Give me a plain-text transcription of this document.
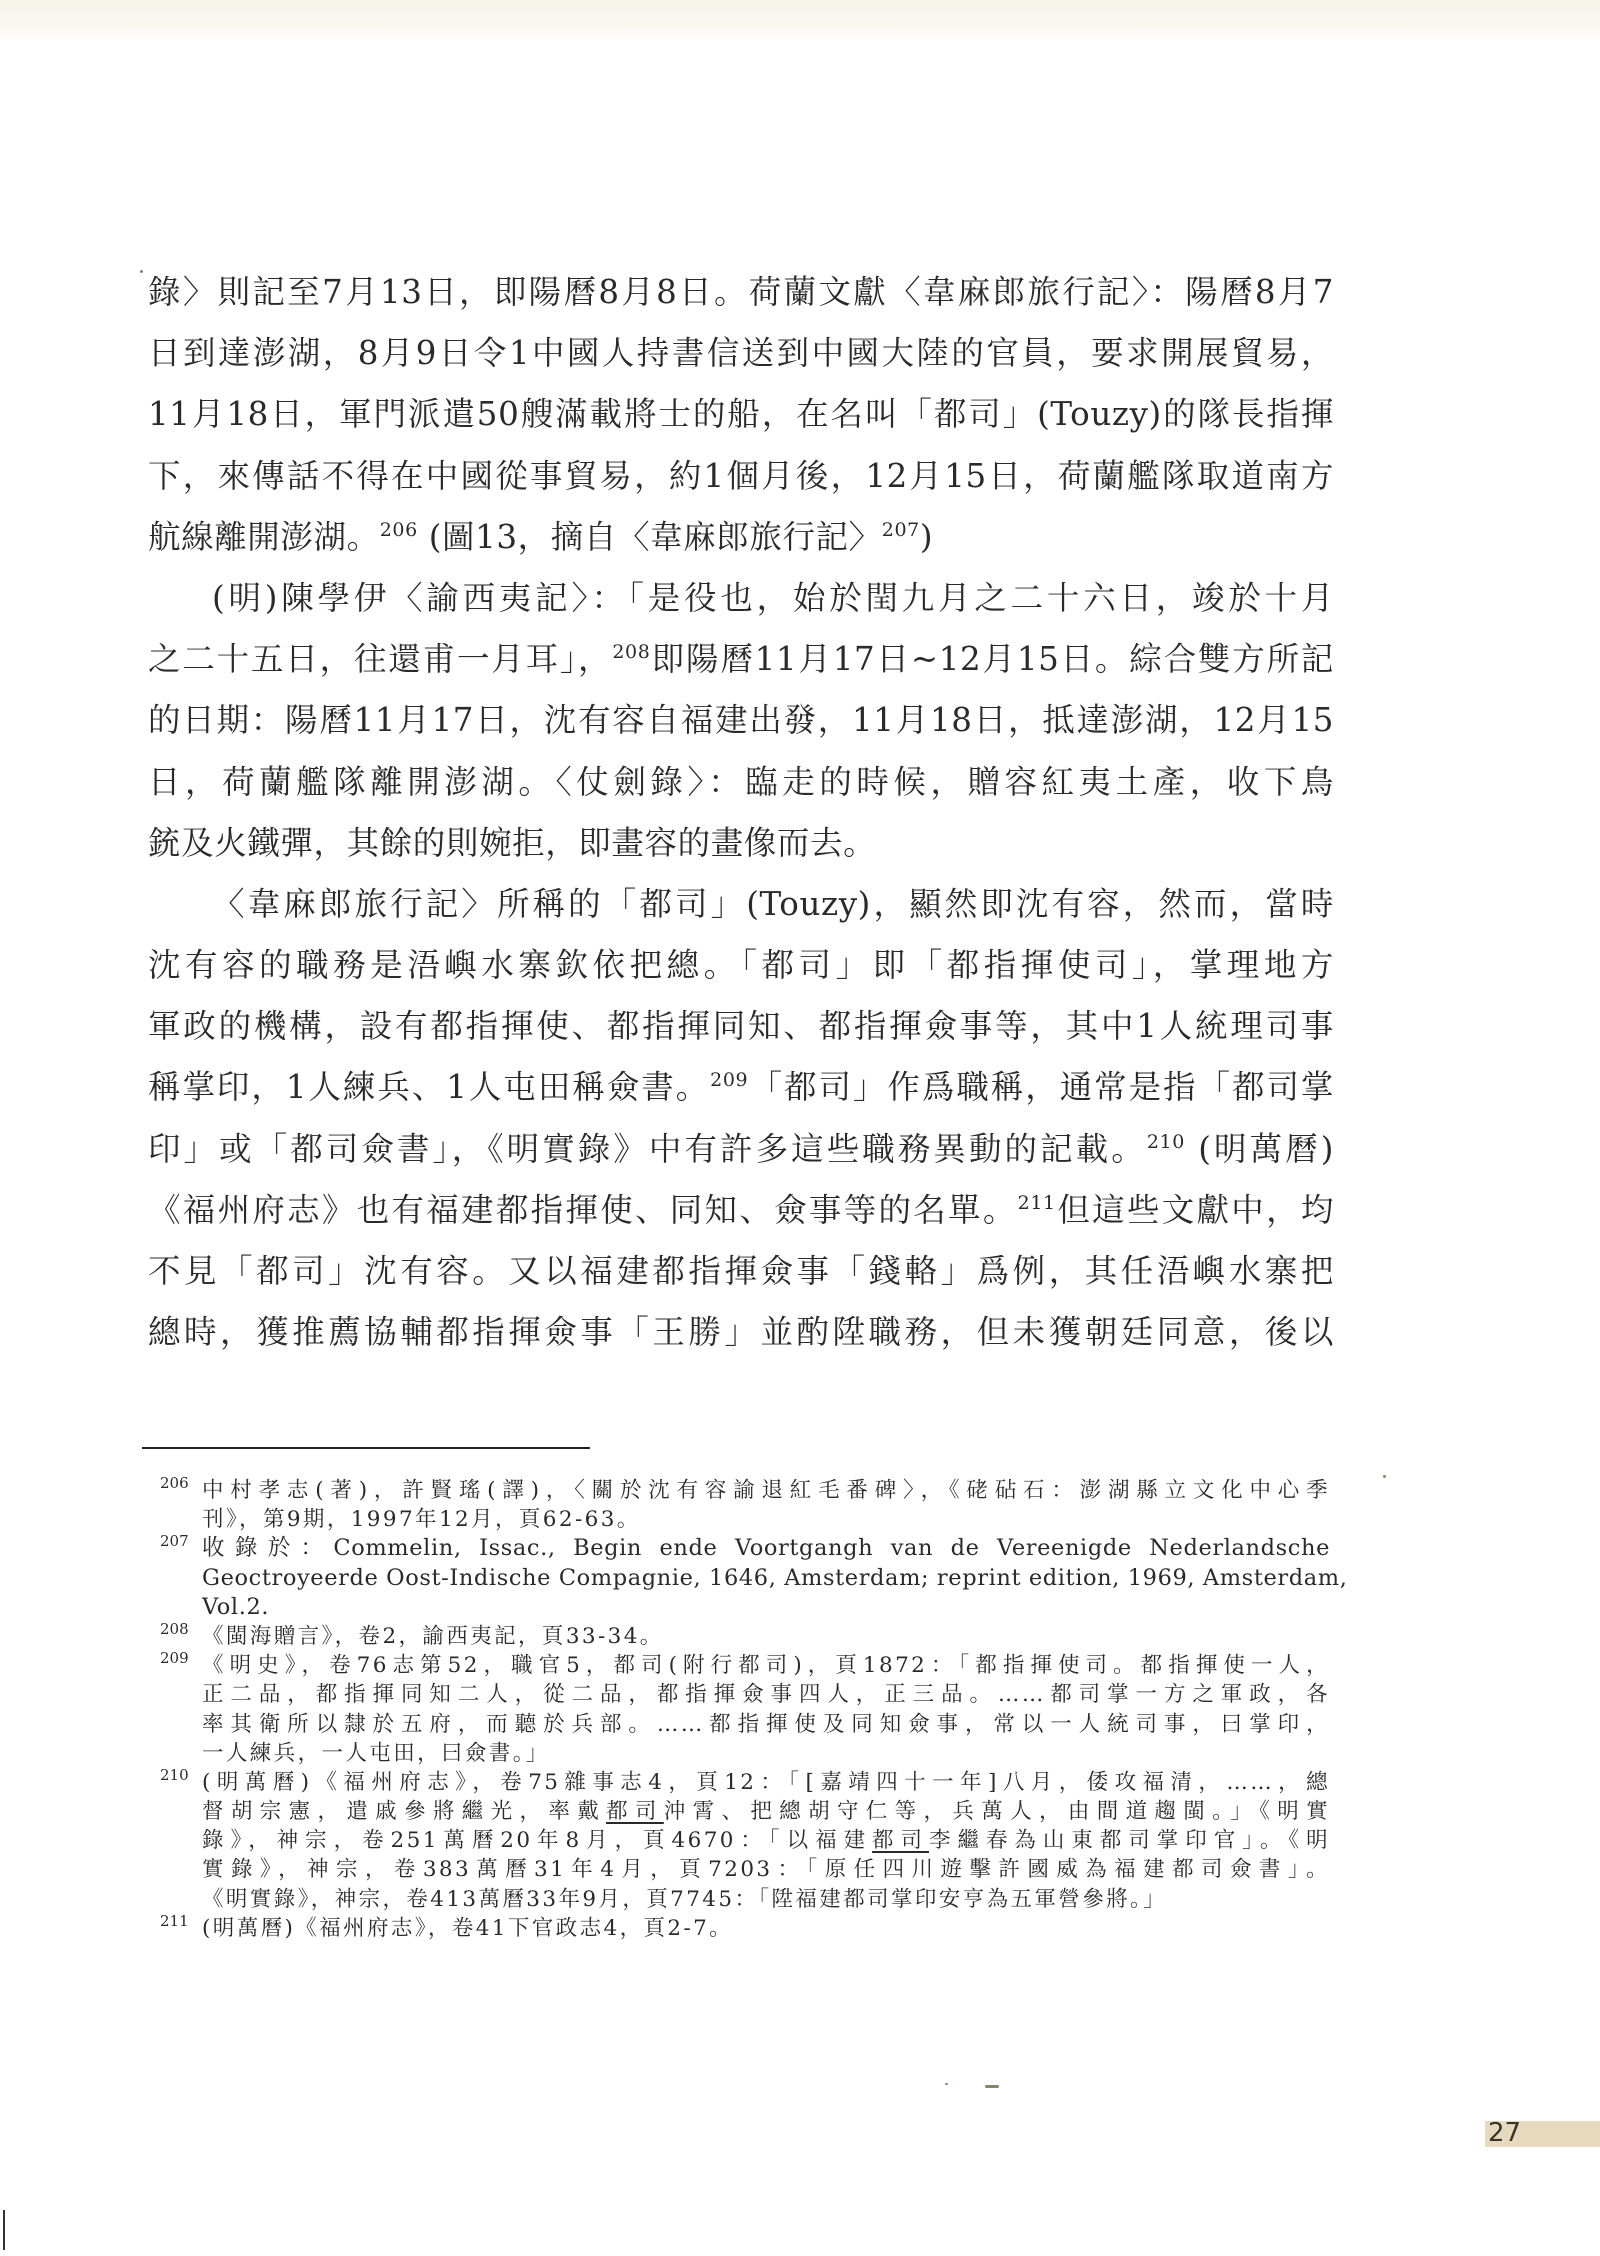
錄〉則記至7月13日，即陽曆8月8日。荷蘭文獻〈韋麻郎旅行記〉：陽曆8月7
日到達澎湖，8月9日令1中國人持書信送到中國大陸的官員，要求開展貿易，
11月18日，軍門派遣50艘滿載將士的船，在名叫「都司」(Touzy)的隊長指揮
下，來傳話不得在中國從事貿易，約1個月後，12月15日，荷蘭艦隊取道南方
航線離開澎湖。$^{206}$ (圖13，摘自〈韋麻郎旅行記〉$^{207}$)
(明)陳學伊〈諭西夷記〉：「是役也，始於閏九月之二十六日，竣於十月
之二十五日，往還甫一月耳」，$^{208}$即陽曆11月17日~12月15日。綜合雙方所記
的日期：陽曆11月17日，沈有容自福建出發，11月18日，抵達澎湖，12月15
日，荷蘭艦隊離開澎湖。〈仗劍錄〉：臨走的時候，贈容紅夷土產，收下鳥
銃及火鐵彈，其餘的則婉拒，即畫容的畫像而去。
〈韋麻郎旅行記〉所稱的「都司」(Touzy)，顯然即沈有容，然而，當時
沈有容的職務是浯嶼水寨欽依把總。「都司」即「都指揮使司」，掌理地方
軍政的機構，設有都指揮使、都指揮同知、都指揮僉事等，其中1人統理司事
稱掌印，1人練兵、1人屯田稱僉書。$^{209}$「都司」作爲職稱，通常是指「都司掌
印」或「都司僉書」，《明實錄》中有許多這些職務異動的記載。$^{210}$ (明萬曆)
《福州府志》也有福建都指揮使、同知、僉事等的名單。$^{211}$但這些文獻中，均
不見「都司」沈有容。又以福建都指揮僉事「錢輅」爲例，其任浯嶼水寨把
總時，獲推薦協輔都指揮僉事「王勝」並酌陞職務，但未獲朝廷同意，後以
206 中村孝志(著)，許賢瑤(譯)，〈關於沈有容諭退紅毛番碑〉，《硓砧石：澎湖縣立文化中心季
刊》，第9期，1997年12月，頁62-63。
207 收錄於：Commelin, Issac., Begin ende Voortgangh van de Vereenigde Nederlandsche
Geoctroyeerde Oost-Indische Compagnie, 1646, Amsterdam; reprint edition, 1969, Amsterdam,
Vol.2.
208 《閩海贈言》，卷2，諭西夷記，頁33-34。
209 《明史》，卷76志第52，職官5，都司(附行都司)，頁1872：「都指揮使司。都指揮使一人，
正二品，都指揮同知二人，從二品，都指揮僉事四人，正三品。……都司掌一方之軍政，各
率其衛所以隸於五府，而聽於兵部。……都指揮使及同知僉事，常以一人統司事，曰掌印，
一人練兵，一人屯田，曰僉書。」
210 (明萬曆)《福州府志》，卷75雜事志4，頁12：「[嘉靖四十一年]八月，倭攻福清，……，總
督胡宗憲，遣戚參將繼光，率戴都司沖霄、把總胡守仁等，兵萬人，由間道趨閩。」《明實
錄》，神宗，卷251萬曆20年8月，頁4670：「以福建都司李繼春為山東都司掌印官」。《明
實錄》，神宗，卷383萬曆31年4月，頁7203：「原任四川遊擊許國威為福建都司僉書」。
《明實錄》，神宗，卷413萬曆33年9月，頁7745：「陞福建都司掌印安亨為五軍營參將。」
211 (明萬曆)《福州府志》，卷41下官政志4，頁2-7。
27
